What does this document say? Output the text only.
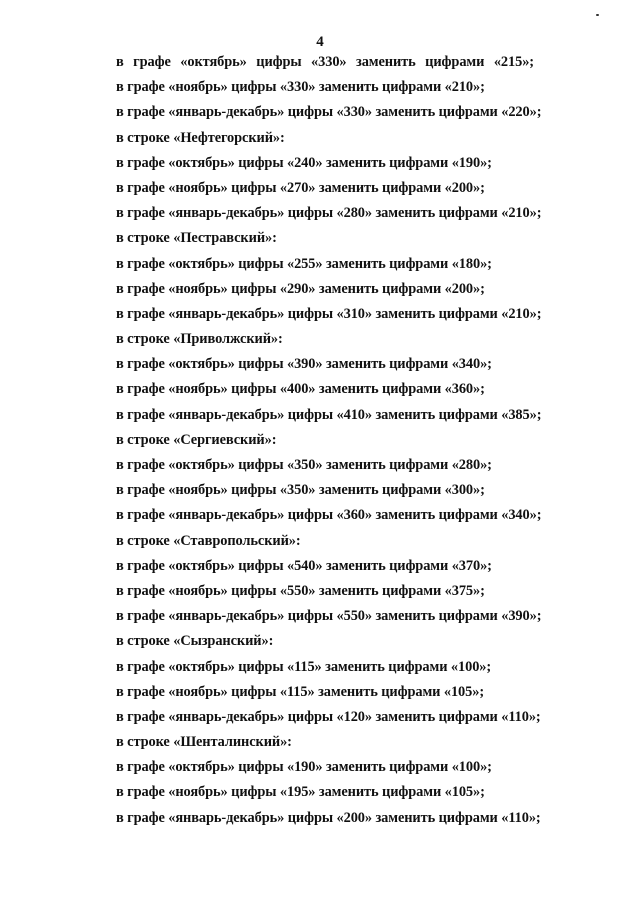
4
в графе «октябрь» цифры «330» заменить цифрами «215»;
в графе «ноябрь» цифры «330» заменить цифрами «210»;
в графе «январь-декабрь» цифры «330» заменить цифрами «220»;
в строке «Нефтегорский»:
в графе «октябрь» цифры «240» заменить цифрами «190»;
в графе «ноябрь» цифры «270» заменить цифрами «200»;
в графе «январь-декабрь» цифры «280» заменить цифрами «210»;
в строке «Пестравский»:
в графе «октябрь» цифры «255» заменить цифрами «180»;
в графе «ноябрь» цифры «290» заменить цифрами «200»;
в графе «январь-декабрь» цифры «310» заменить цифрами «210»;
в строке «Приволжский»:
в графе «октябрь» цифры «390» заменить цифрами «340»;
в графе «ноябрь» цифры «400» заменить цифрами «360»;
в графе «январь-декабрь» цифры «410» заменить цифрами «385»;
в строке «Сергиевский»:
в графе «октябрь» цифры «350» заменить цифрами «280»;
в графе «ноябрь» цифры «350» заменить цифрами «300»;
в графе «январь-декабрь» цифры «360» заменить цифрами «340»;
в строке «Ставропольский»:
в графе «октябрь» цифры «540» заменить цифрами «370»;
в графе «ноябрь» цифры «550» заменить цифрами «375»;
в графе «январь-декабрь» цифры «550» заменить цифрами «390»;
в строке «Сызранский»:
в графе «октябрь» цифры «115» заменить цифрами «100»;
в графе «ноябрь» цифры «115» заменить цифрами «105»;
в графе «январь-декабрь» цифры «120» заменить цифрами «110»;
в строке «Шенталинский»:
в графе «октябрь» цифры «190» заменить цифрами «100»;
в графе «ноябрь» цифры «195» заменить цифрами «105»;
в графе «январь-декабрь» цифры «200» заменить цифрами «110»;
